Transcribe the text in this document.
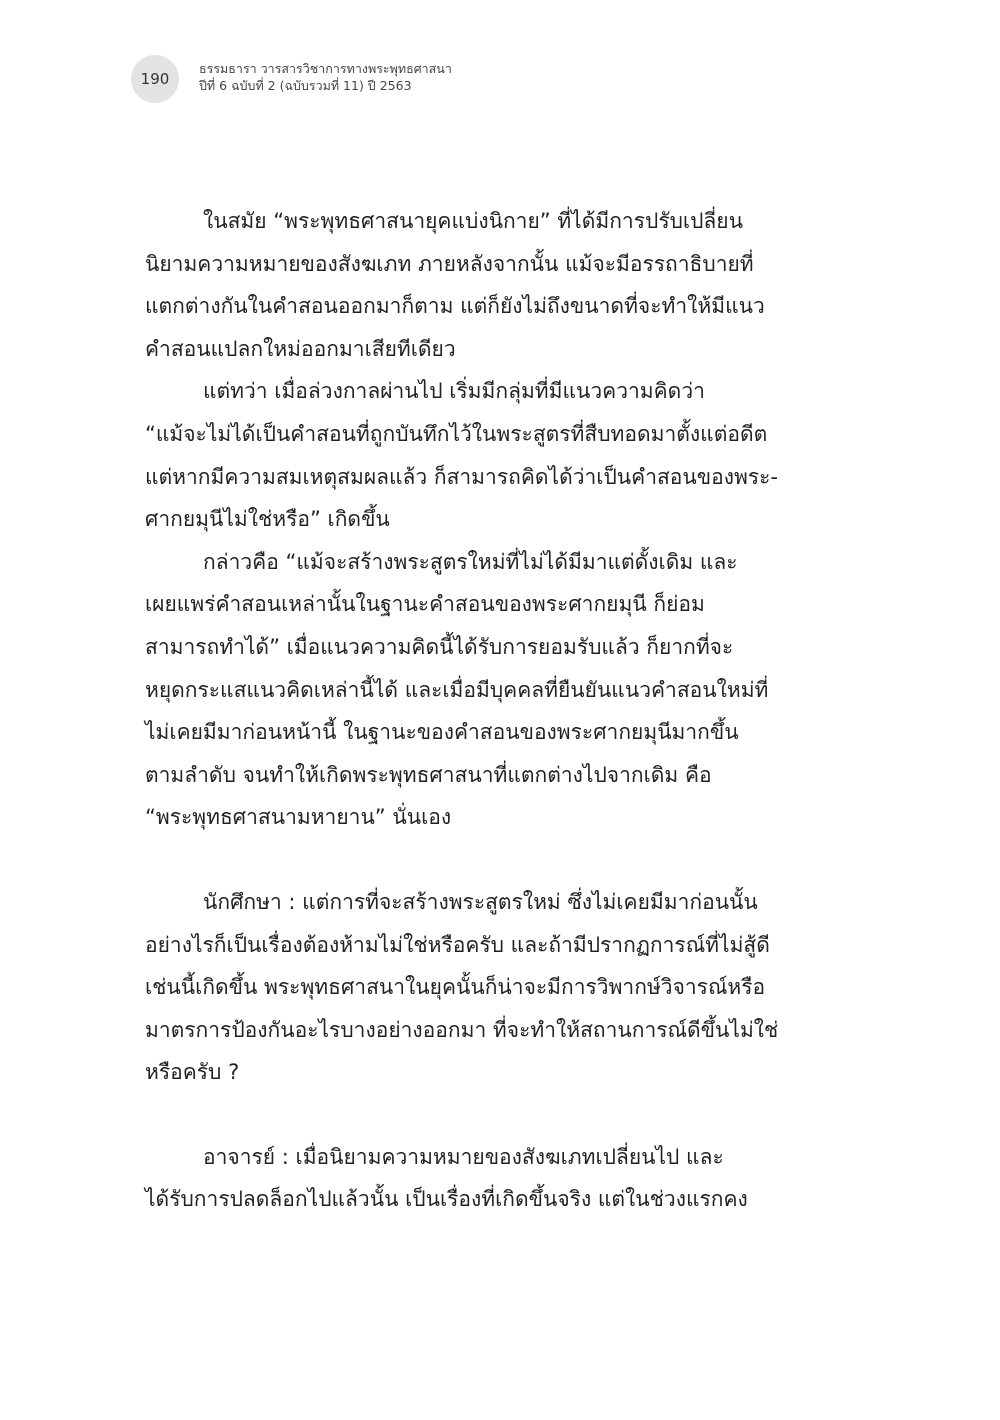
190
ธรรมธารา วารสารวิชาการทางพระพุทธศาสนา
ปีที่ 6 ฉบับที่ 2 (ฉบับรวมที่ 11) ปี 2563
ในสมัย “พระพุทธศาสนายุคแบ่งนิกาย” ที่ได้มีการปรับเปลี่ยน
นิยามความหมายของสังฆเภท ภายหลังจากนั้น แม้จะมีอรรถาธิบายที่
แตกต่างกันในคำสอนออกมาก็ตาม แต่ก็ยังไม่ถึงขนาดที่จะทำให้มีแนว
คำสอนแปลกใหม่ออกมาเสียทีเดียว
แต่ทว่า เมื่อล่วงกาลผ่านไป เริ่มมีกลุ่มที่มีแนวความคิดว่า
“แม้จะไม่ได้เป็นคำสอนที่ถูกบันทึกไว้ในพระสูตรที่สืบทอดมาตั้งแต่อดีต
แต่หากมีความสมเหตุสมผลแล้ว ก็สามารถคิดได้ว่าเป็นคำสอนของพระ-
ศากยมุนีไม่ใช่หรือ” เกิดขึ้น
กล่าวคือ “แม้จะสร้างพระสูตรใหม่ที่ไม่ได้มีมาแต่ดั้งเดิม และ
เผยแพร่คำสอนเหล่านั้นในฐานะคำสอนของพระศากยมุนี ก็ย่อม
สามารถทำได้” เมื่อแนวความคิดนี้ได้รับการยอมรับแล้ว ก็ยากที่จะ
หยุดกระแสแนวคิดเหล่านี้ได้ และเมื่อมีบุคคลที่ยืนยันแนวคำสอนใหม่ที่
ไม่เคยมีมาก่อนหน้านี้ ในฐานะของคำสอนของพระศากยมุนีมากขึ้น
ตามลำดับ จนทำให้เกิดพระพุทธศาสนาที่แตกต่างไปจากเดิม คือ
“พระพุทธศาสนามหายาน” นั่นเอง
นักศึกษา : แต่การที่จะสร้างพระสูตรใหม่ ซึ่งไม่เคยมีมาก่อนนั้น
อย่างไรก็เป็นเรื่องต้องห้ามไม่ใช่หรือครับ และถ้ามีปรากฏการณ์ที่ไม่สู้ดี
เช่นนี้เกิดขึ้น พระพุทธศาสนาในยุคนั้นก็น่าจะมีการวิพากษ์วิจารณ์หรือ
มาตรการป้องกันอะไรบางอย่างออกมา ที่จะทำให้สถานการณ์ดีขึ้นไม่ใช่
หรือครับ ?
อาจารย์ : เมื่อนิยามความหมายของสังฆเภทเปลี่ยนไป และ
ได้รับการปลดล็อกไปแล้วนั้น เป็นเรื่องที่เกิดขึ้นจริง แต่ในช่วงแรกคง
